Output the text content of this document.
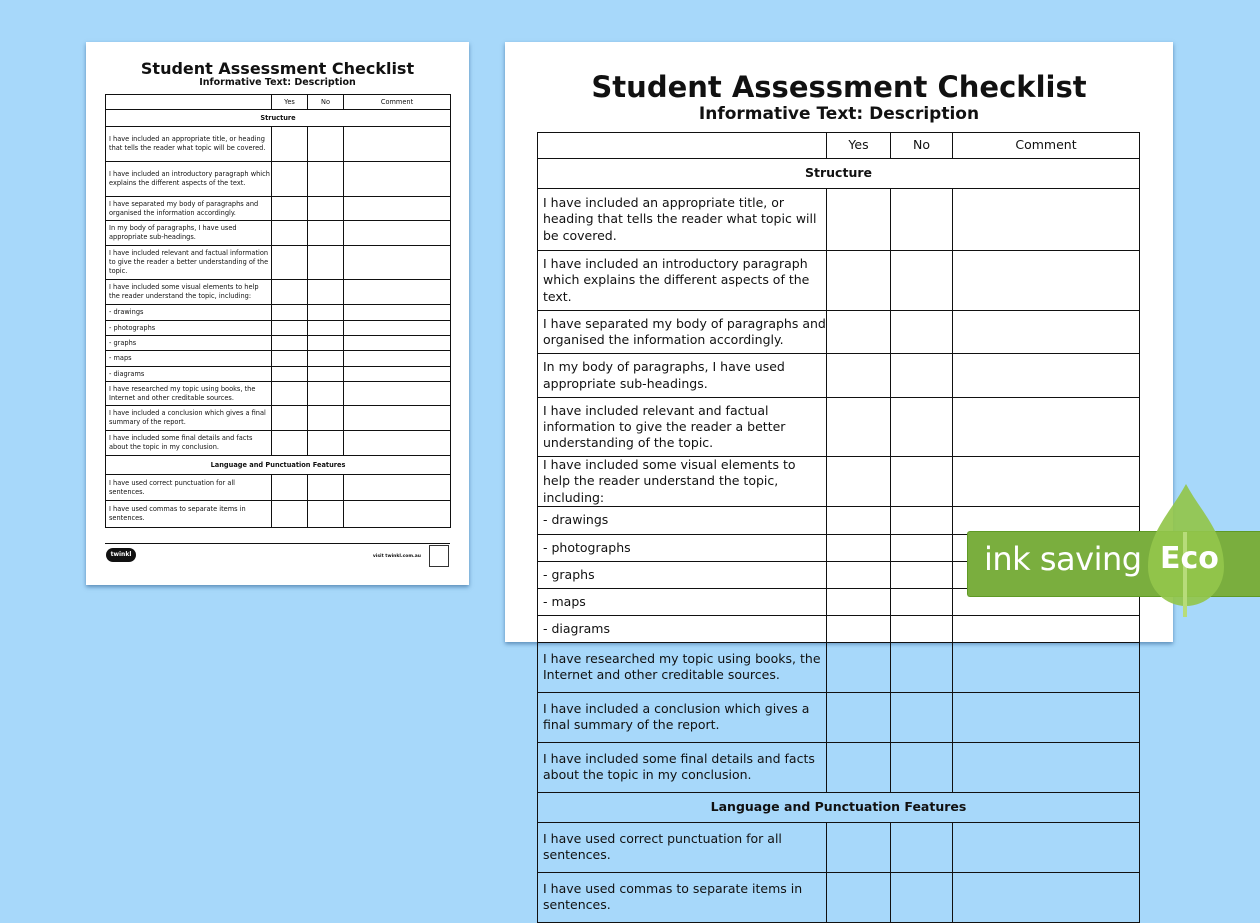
Student Assessment Checklist
Informative Text: Description
	Yes	No	Comment
Structure			
I have included an appropriate title, or heading that tells the reader what topic will be covered.			
I have included an introductory paragraph which explains the different aspects of the text.			
I have separated my body of paragraphs and organised the information accordingly.			
In my body of paragraphs, I have used appropriate sub-headings.			
I have included relevant and factual information to give the reader a better understanding of the topic.			
I have included some visual elements to help the reader understand the topic, including:			
- drawings			
- photographs			
- graphs			
- maps			
- diagrams			
I have researched my topic using books, the Internet and other creditable sources.			
I have included a conclusion which gives a final summary of the report.			
I have included some final details and facts about the topic in my conclusion.			
Language and Punctuation Features			
I have used correct punctuation for all sentences.			
I have used commas to separate items in sentences.			
twinkl	visit twinkl.com.au
Student Assessment Checklist
Informative Text: Description
	Yes	No	Comment
Structure			
I have included an appropriate title, or heading that tells the reader what topic will be covered.			
I have included an introductory paragraph which explains the different aspects of the text.			
I have separated my body of paragraphs and organised the information accordingly.			
In my body of paragraphs, I have used appropriate sub-headings.			
I have included relevant and factual information to give the reader a better understanding of the topic.			
I have included some visual elements to help the reader understand the topic, including:			
- drawings			
- photographs			
- graphs			
- maps			
- diagrams			
I have researched my topic using books, the Internet and other creditable sources.			
I have included a conclusion which gives a final summary of the report.			
I have included some final details and facts about the topic in my conclusion.			
Language and Punctuation Features			
I have used correct punctuation for all sentences.			
I have used commas to separate items in sentences.			
ink saving Eco
